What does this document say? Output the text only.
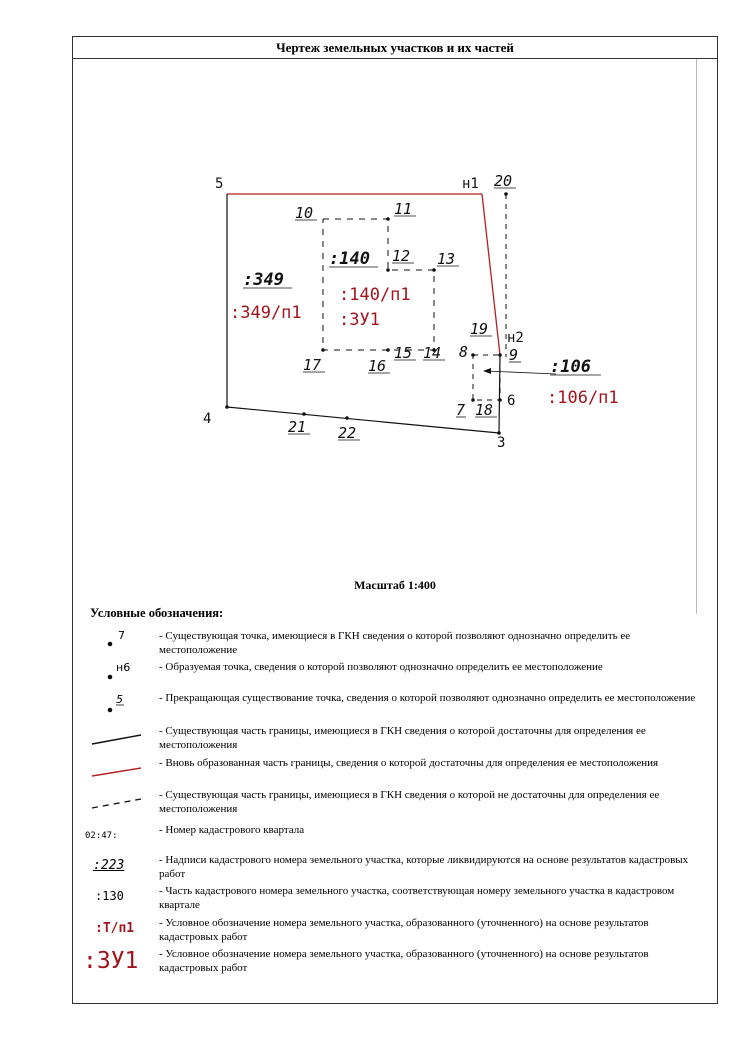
Чертеж земельных участков и их частей
5
4
3
н1
н2
6
20
10	11
12 13
14
15
16
17
19
8	9
7 18
21 22
:349
:349/п1
:140
:140/п1
:ЗУ1
:106
:106/п1
Масштаб 1:400
Условные обозначения:
7	- Существующая точка, имеющиеся в ГКН сведения о которой позволяют однозначно определить ее местоположение
н6	- Образуемая точка, сведения о которой позволяют однозначно определить ее местоположение
5	- Прекращающая существование точка, сведения о которой позволяют однозначно определить ее местоположение
- Существующая часть границы, имеющиеся в ГКН сведения о которой достаточны для определения ее местоположения
- Вновь образованная часть границы, сведения о которой достаточны для определения ее местоположения
- Существующая часть границы, имеющиеся в ГКН сведения о которой не достаточны для определения ее местоположения
02:47:	- Номер кадастрового квартала
:223	- Надписи кадастрового номера земельного участка, которые ликвидируются на основе результатов кадастровых работ
:130	- Часть кадастрового номера земельного участка, соответствующая номеру земельного участка в кадастровом квартале
:Т/п1 - Условное обозначение номера земельного участка, образованного (уточненного) на основе результатов кадастровых работ
:ЗУ1 - Условное обозначение номера земельного участка, образованного (уточненного) на основе результатов кадастровых работ
